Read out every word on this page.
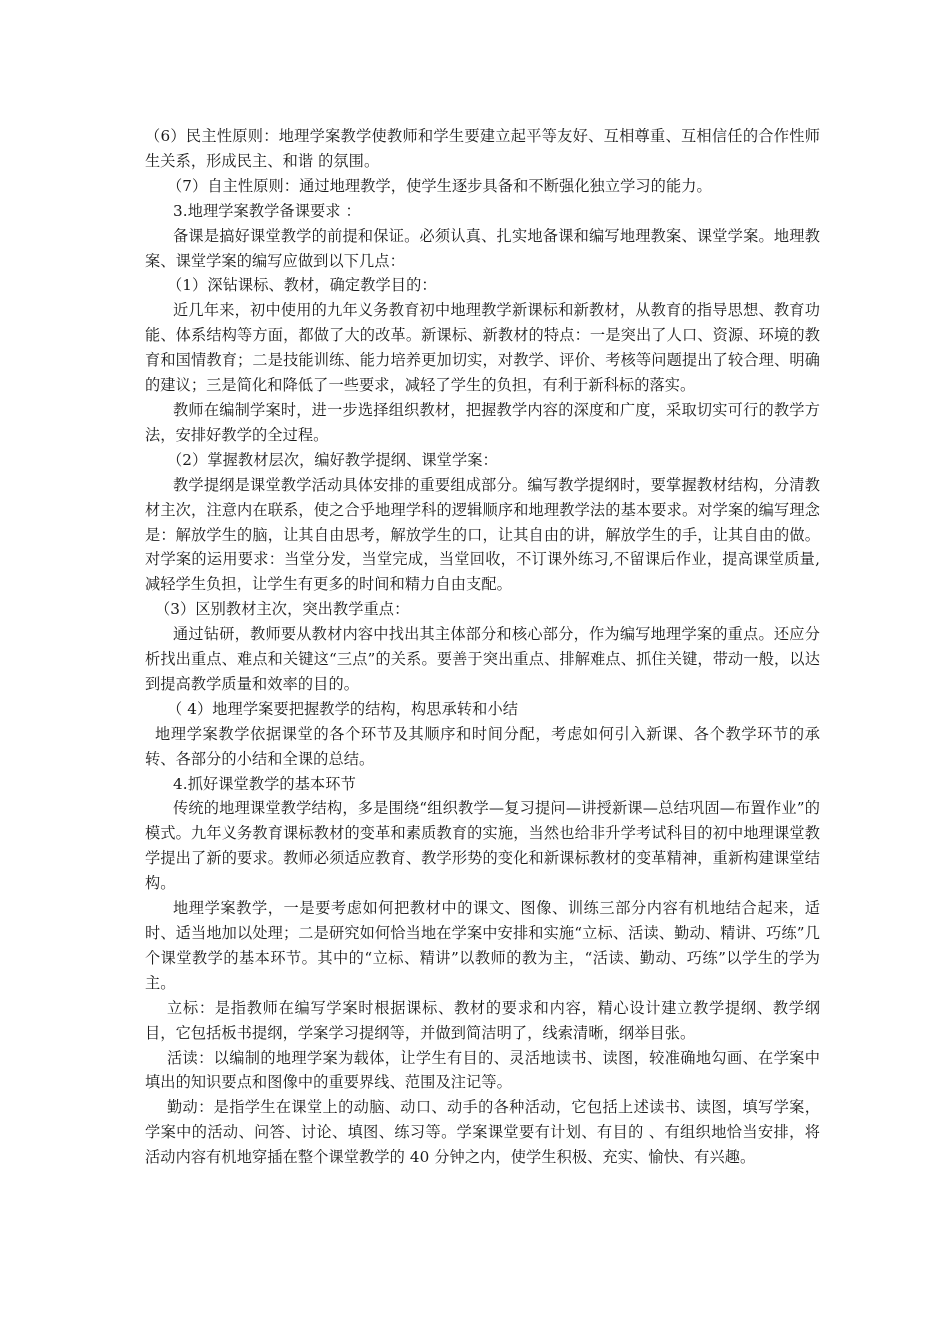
（6）民主性原则：地理学案教学使教师和学生要建立起平等友好、互相尊重、互相信任的合作性师生关系，形成民主、和谐 的氛围。

（7）自主性原则：通过地理教学，使学生逐步具备和不断强化独立学习的能力。

3.地理学案教学备课要求 ：

备课是搞好课堂教学的前提和保证。必须认真、扎实地备课和编写地理教案、课堂学案。地理教案、课堂学案的编写应做到以下几点：

（1）深钻课标、教材，确定教学目的：

近几年来，初中使用的九年义务教育初中地理教学新课标和新教材，从教育的指导思想、教育功能、体系结构等方面，都做了大的改革。新课标、新教材的特点：一是突出了人口、资源、环境的教育和国情教育；二是技能训练、能力培养更加切实，对教学、评价、考核等问题提出了较合理、明确的建议；三是简化和降低了一些要求，减轻了学生的负担，有利于新科标的落实。

教师在编制学案时，进一步选择组织教材，把握教学内容的深度和广度，采取切实可行的教学方法，安排好教学的全过程。

（2）掌握教材层次，编好教学提纲、课堂学案：

教学提纲是课堂教学活动具体安排的重要组成部分。编写教学提纲时，要掌握教材结构，分清教材主次，注意内在联系，使之合乎地理学科的逻辑顺序和地理教学法的基本要求。对学案的编写理念是：解放学生的脑，让其自由思考，解放学生的口，让其自由的讲，解放学生的手，让其自由的做。对学案的运用要求：当堂分发，当堂完成，当堂回收，不订课外练习,不留课后作业，提高课堂质量,减轻学生负担，让学生有更多的时间和精力自由支配。

（3）区别教材主次，突出教学重点：

通过钻研，教师要从教材内容中找出其主体部分和核心部分，作为编写地理学案的重点。还应分析找出重点、难点和关键这“三点”的关系。要善于突出重点、排解难点、抓住关键，带动一般，以达到提高教学质量和效率的目的。

（ 4）地理学案要把握教学的结构，构思承转和小结

地理学案教学依据课堂的各个环节及其顺序和时间分配，考虑如何引入新课、各个教学环节的承转、各部分的小结和全课的总结。

4.抓好课堂教学的基本环节

传统的地理课堂教学结构，多是围绕“组织教学—复习提问—讲授新课—总结巩固—布置作业”的模式。九年义务教育课标教材的变革和素质教育的实施，当然也给非升学考试科目的初中地理课堂教学提出了新的要求。教师必须适应教育、教学形势的变化和新课标教材的变革精神，重新构建课堂结构。

地理学案教学，一是要考虑如何把教材中的课文、图像、训练三部分内容有机地结合起来，适时、适当地加以处理；二是研究如何恰当地在学案中安排和实施“立标、活读、勤动、精讲、巧练”几个课堂教学的基本环节。其中的“立标、精讲”以教师的教为主，“活读、勤动、巧练”以学生的学为主。

立标：是指教师在编写学案时根据课标、教材的要求和内容，精心设计建立教学提纲、教学纲目，它包括板书提纲，学案学习提纲等，并做到简洁明了，线索清晰，纲举目张。

活读：以编制的地理学案为载体，让学生有目的、灵活地读书、读图，较准确地勾画、在学案中填出的知识要点和图像中的重要界线、范围及注记等。

勤动：是指学生在课堂上的动脑、动口、动手的各种活动，它包括上述读书、读图，填写学案，学案中的活动、问答、讨论、填图、练习等。学案课堂要有计划、有目的 、有组织地恰当安排，将活动内容有机地穿插在整个课堂教学的 40 分钟之内，使学生积极、充实、愉快、有兴趣。
